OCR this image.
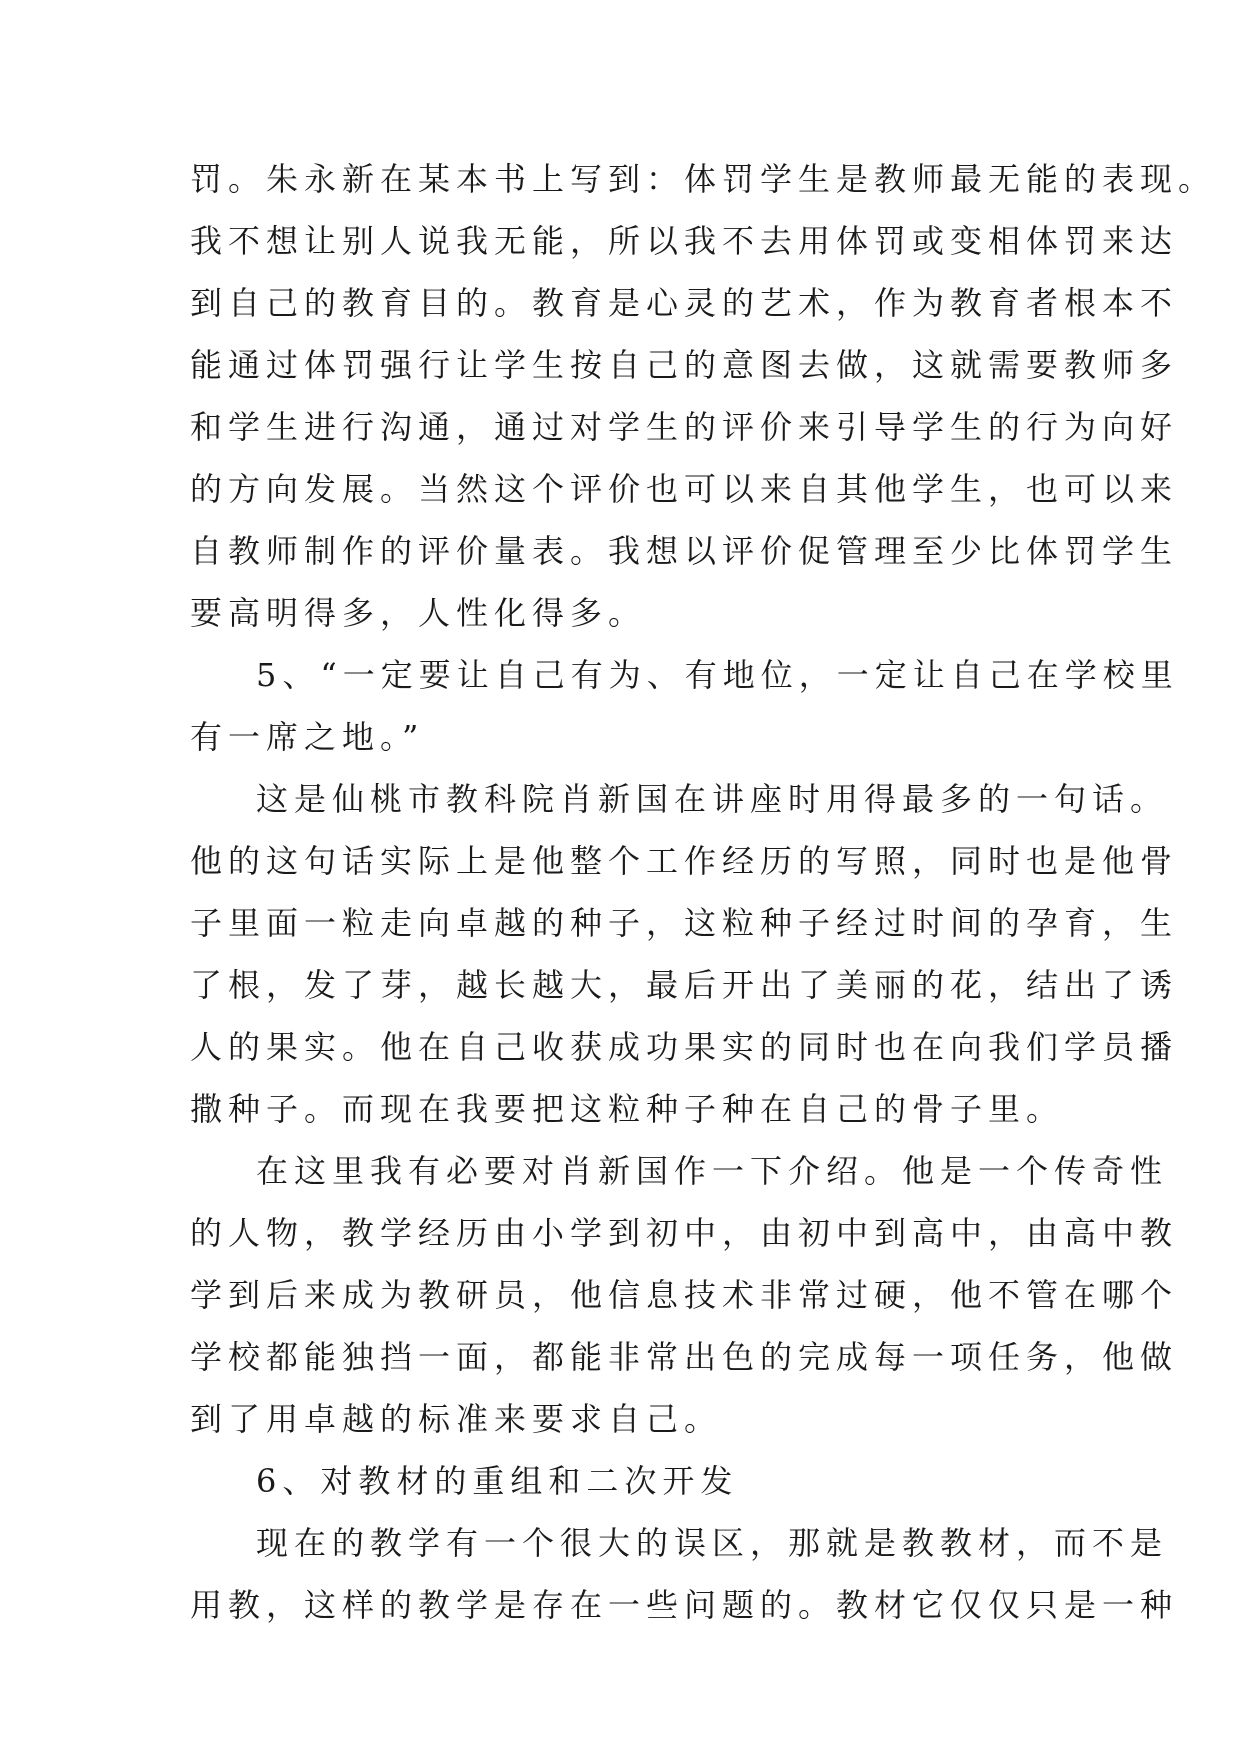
罚。朱永新在某本书上写到：体罚学生是教师最无能的表现。
我不想让别人说我无能，所以我不去用体罚或变相体罚来达
到自己的教育目的。教育是心灵的艺术，作为教育者根本不
能通过体罚强行让学生按自己的意图去做，这就需要教师多
和学生进行沟通，通过对学生的评价来引导学生的行为向好
的方向发展。当然这个评价也可以来自其他学生，也可以来
自教师制作的评价量表。我想以评价促管理至少比体罚学生
要高明得多，人性化得多。
5、“一定要让自己有为、有地位，一定让自己在学校里
有一席之地。”
这是仙桃市教科院肖新国在讲座时用得最多的一句话。
他的这句话实际上是他整个工作经历的写照，同时也是他骨
子里面一粒走向卓越的种子，这粒种子经过时间的孕育，生
了根，发了芽，越长越大，最后开出了美丽的花，结出了诱
人的果实。他在自己收获成功果实的同时也在向我们学员播
撒种子。而现在我要把这粒种子种在自己的骨子里。
在这里我有必要对肖新国作一下介绍。他是一个传奇性
的人物，教学经历由小学到初中，由初中到高中，由高中教
学到后来成为教研员，他信息技术非常过硬，他不管在哪个
学校都能独挡一面，都能非常出色的完成每一项任务，他做
到了用卓越的标准来要求自己。
6、对教材的重组和二次开发
现在的教学有一个很大的误区，那就是教教材，而不是
用教，这样的教学是存在一些问题的。教材它仅仅只是一种
